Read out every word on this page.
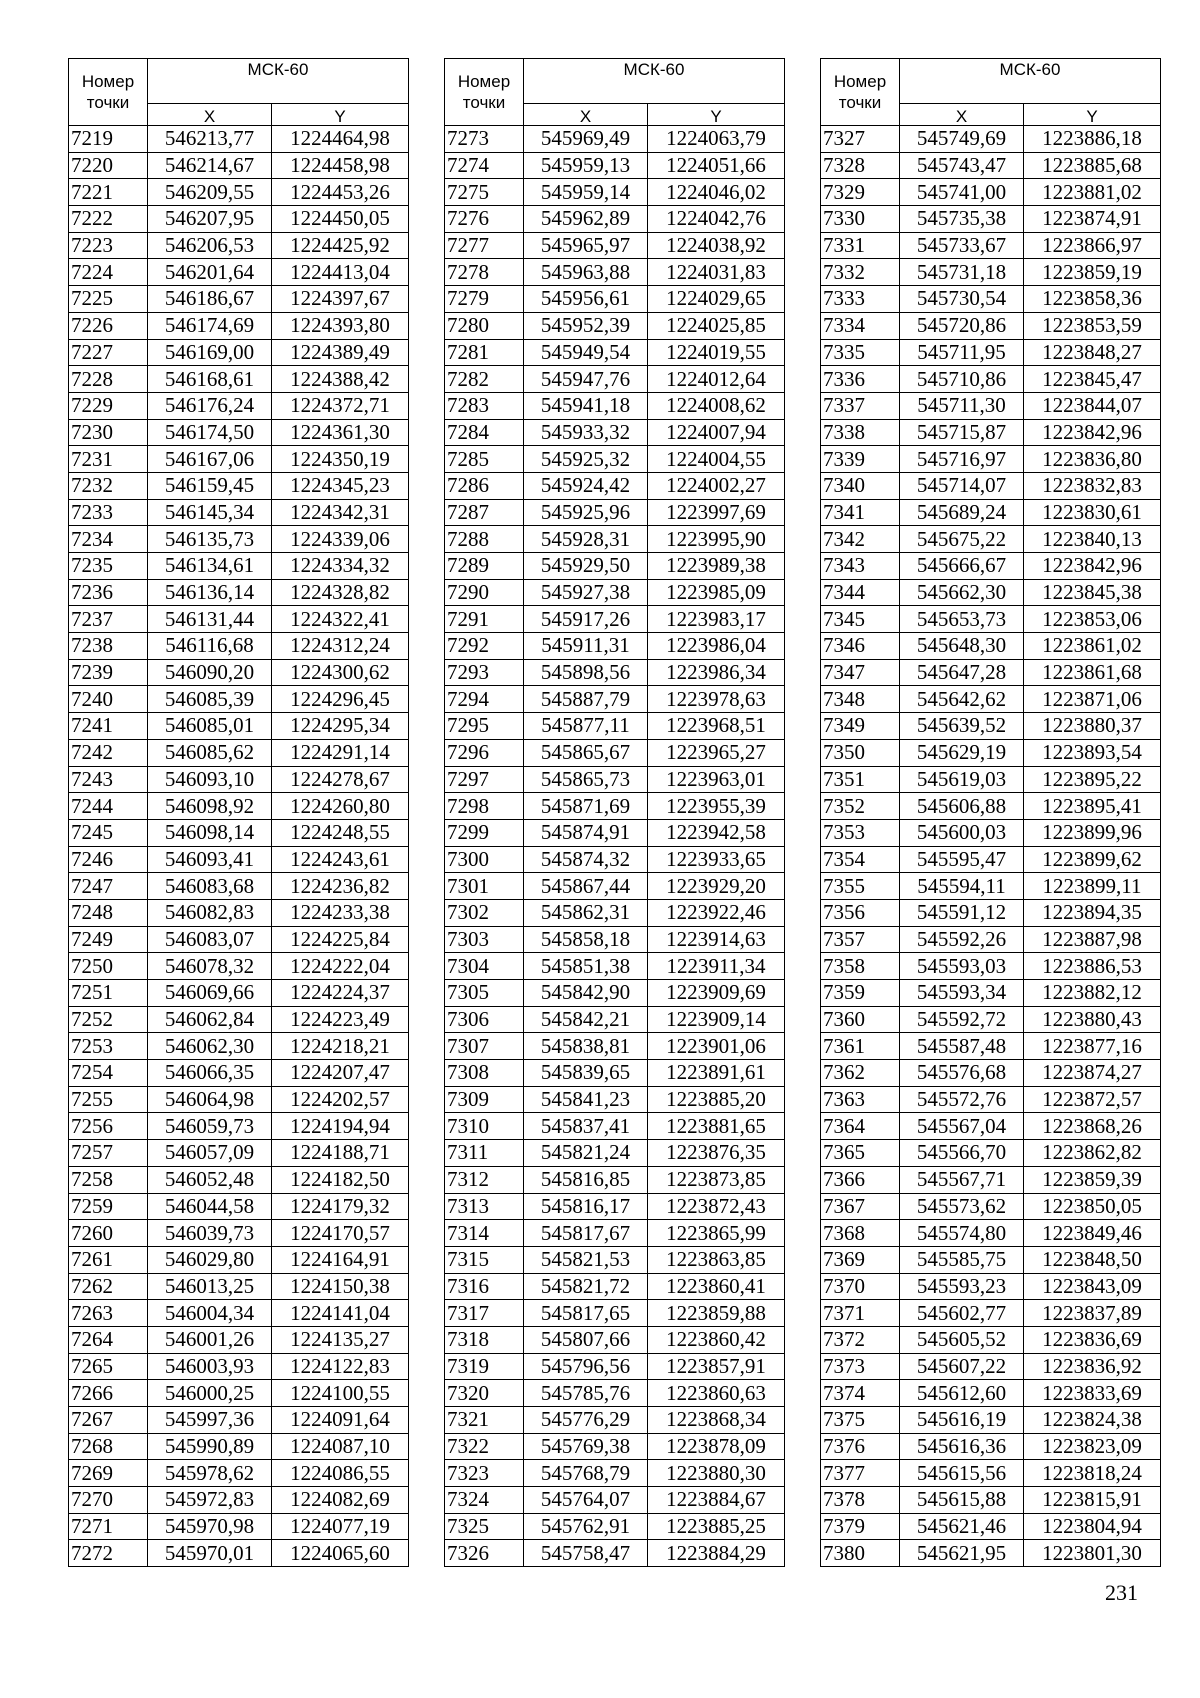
Номер точки	МСК-60	
	X	Y
7219	546213,77	1224464,98
7220	546214,67	1224458,98
7221	546209,55	1224453,26
7222	546207,95	1224450,05
7223	546206,53	1224425,92
7224	546201,64	1224413,04
7225	546186,67	1224397,67
7226	546174,69	1224393,80
7227	546169,00	1224389,49
7228	546168,61	1224388,42
7229	546176,24	1224372,71
7230	546174,50	1224361,30
7231	546167,06	1224350,19
7232	546159,45	1224345,23
7233	546145,34	1224342,31
7234	546135,73	1224339,06
7235	546134,61	1224334,32
7236	546136,14	1224328,82
7237	546131,44	1224322,41
7238	546116,68	1224312,24
7239	546090,20	1224300,62
7240	546085,39	1224296,45
7241	546085,01	1224295,34
7242	546085,62	1224291,14
7243	546093,10	1224278,67
7244	546098,92	1224260,80
7245	546098,14	1224248,55
7246	546093,41	1224243,61
7247	546083,68	1224236,82
7248	546082,83	1224233,38
7249	546083,07	1224225,84
7250	546078,32	1224222,04
7251	546069,66	1224224,37
7252	546062,84	1224223,49
7253	546062,30	1224218,21
7254	546066,35	1224207,47
7255	546064,98	1224202,57
7256	546059,73	1224194,94
7257	546057,09	1224188,71
7258	546052,48	1224182,50
7259	546044,58	1224179,32
7260	546039,73	1224170,57
7261	546029,80	1224164,91
7262	546013,25	1224150,38
7263	546004,34	1224141,04
7264	546001,26	1224135,27
7265	546003,93	1224122,83
7266	546000,25	1224100,55
7267	545997,36	1224091,64
7268	545990,89	1224087,10
7269	545978,62	1224086,55
7270	545972,83	1224082,69
7271	545970,98	1224077,19
7272	545970,01	1224065,60
Номер точки	МСК-60	
	X	Y
7273	545969,49	1224063,79
7274	545959,13	1224051,66
7275	545959,14	1224046,02
7276	545962,89	1224042,76
7277	545965,97	1224038,92
7278	545963,88	1224031,83
7279	545956,61	1224029,65
7280	545952,39	1224025,85
7281	545949,54	1224019,55
7282	545947,76	1224012,64
7283	545941,18	1224008,62
7284	545933,32	1224007,94
7285	545925,32	1224004,55
7286	545924,42	1224002,27
7287	545925,96	1223997,69
7288	545928,31	1223995,90
7289	545929,50	1223989,38
7290	545927,38	1223985,09
7291	545917,26	1223983,17
7292	545911,31	1223986,04
7293	545898,56	1223986,34
7294	545887,79	1223978,63
7295	545877,11	1223968,51
7296	545865,67	1223965,27
7297	545865,73	1223963,01
7298	545871,69	1223955,39
7299	545874,91	1223942,58
7300	545874,32	1223933,65
7301	545867,44	1223929,20
7302	545862,31	1223922,46
7303	545858,18	1223914,63
7304	545851,38	1223911,34
7305	545842,90	1223909,69
7306	545842,21	1223909,14
7307	545838,81	1223901,06
7308	545839,65	1223891,61
7309	545841,23	1223885,20
7310	545837,41	1223881,65
7311	545821,24	1223876,35
7312	545816,85	1223873,85
7313	545816,17	1223872,43
7314	545817,67	1223865,99
7315	545821,53	1223863,85
7316	545821,72	1223860,41
7317	545817,65	1223859,88
7318	545807,66	1223860,42
7319	545796,56	1223857,91
7320	545785,76	1223860,63
7321	545776,29	1223868,34
7322	545769,38	1223878,09
7323	545768,79	1223880,30
7324	545764,07	1223884,67
7325	545762,91	1223885,25
7326	545758,47	1223884,29
Номер точки	МСК-60	
	X	Y
7327	545749,69	1223886,18
7328	545743,47	1223885,68
7329	545741,00	1223881,02
7330	545735,38	1223874,91
7331	545733,67	1223866,97
7332	545731,18	1223859,19
7333	545730,54	1223858,36
7334	545720,86	1223853,59
7335	545711,95	1223848,27
7336	545710,86	1223845,47
7337	545711,30	1223844,07
7338	545715,87	1223842,96
7339	545716,97	1223836,80
7340	545714,07	1223832,83
7341	545689,24	1223830,61
7342	545675,22	1223840,13
7343	545666,67	1223842,96
7344	545662,30	1223845,38
7345	545653,73	1223853,06
7346	545648,30	1223861,02
7347	545647,28	1223861,68
7348	545642,62	1223871,06
7349	545639,52	1223880,37
7350	545629,19	1223893,54
7351	545619,03	1223895,22
7352	545606,88	1223895,41
7353	545600,03	1223899,96
7354	545595,47	1223899,62
7355	545594,11	1223899,11
7356	545591,12	1223894,35
7357	545592,26	1223887,98
7358	545593,03	1223886,53
7359	545593,34	1223882,12
7360	545592,72	1223880,43
7361	545587,48	1223877,16
7362	545576,68	1223874,27
7363	545572,76	1223872,57
7364	545567,04	1223868,26
7365	545566,70	1223862,82
7366	545567,71	1223859,39
7367	545573,62	1223850,05
7368	545574,80	1223849,46
7369	545585,75	1223848,50
7370	545593,23	1223843,09
7371	545602,77	1223837,89
7372	545605,52	1223836,69
7373	545607,22	1223836,92
7374	545612,60	1223833,69
7375	545616,19	1223824,38
7376	545616,36	1223823,09
7377	545615,56	1223818,24
7378	545615,88	1223815,91
7379	545621,46	1223804,94
7380	545621,95	1223801,30
231
